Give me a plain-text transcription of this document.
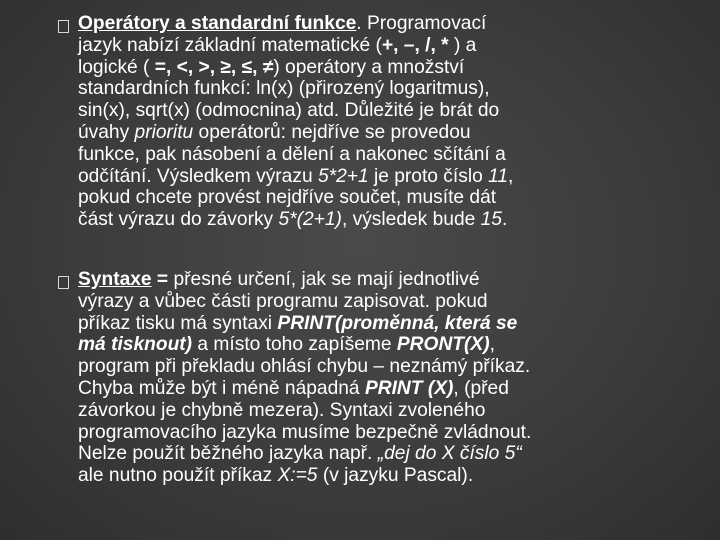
Operátory a standardní funkce. Programovací
jazyk nabízí základní matematické (+, –, /, * ) a
logické ( =, <, >, ≥, ≤, ≠) operátory a množství
standardních funkcí: ln(x) (přirozený logaritmus),
sin(x), sqrt(x) (odmocnina) atd. Důležité je brát do
úvahy prioritu operátorů: nejdříve se provedou
funkce, pak násobení a dělení a nakonec sčítání a
odčítání. Výsledkem výrazu 5*2+1 je proto číslo 11,
pokud chcete provést nejdříve součet, musíte dát
část výrazu do závorky 5*(2+1), výsledek bude 15.
Syntaxe = přesné určení, jak se mají jednotlivé
výrazy a vůbec části programu zapisovat. pokud
příkaz tisku má syntaxi PRINT(proměnná, která se
má tisknout) a místo toho zapíšeme PRONT(X),
program při překladu ohlásí chybu – neznámý příkaz.
Chyba může být i méně nápadná PRINT (X), (před
závorkou je chybně mezera). Syntaxi zvoleného
programovacího jazyka musíme bezpečně zvládnout.
Nelze použít běžného jazyka např. „dej do X číslo 5“
ale nutno použít příkaz X:=5 (v jazyku Pascal).
